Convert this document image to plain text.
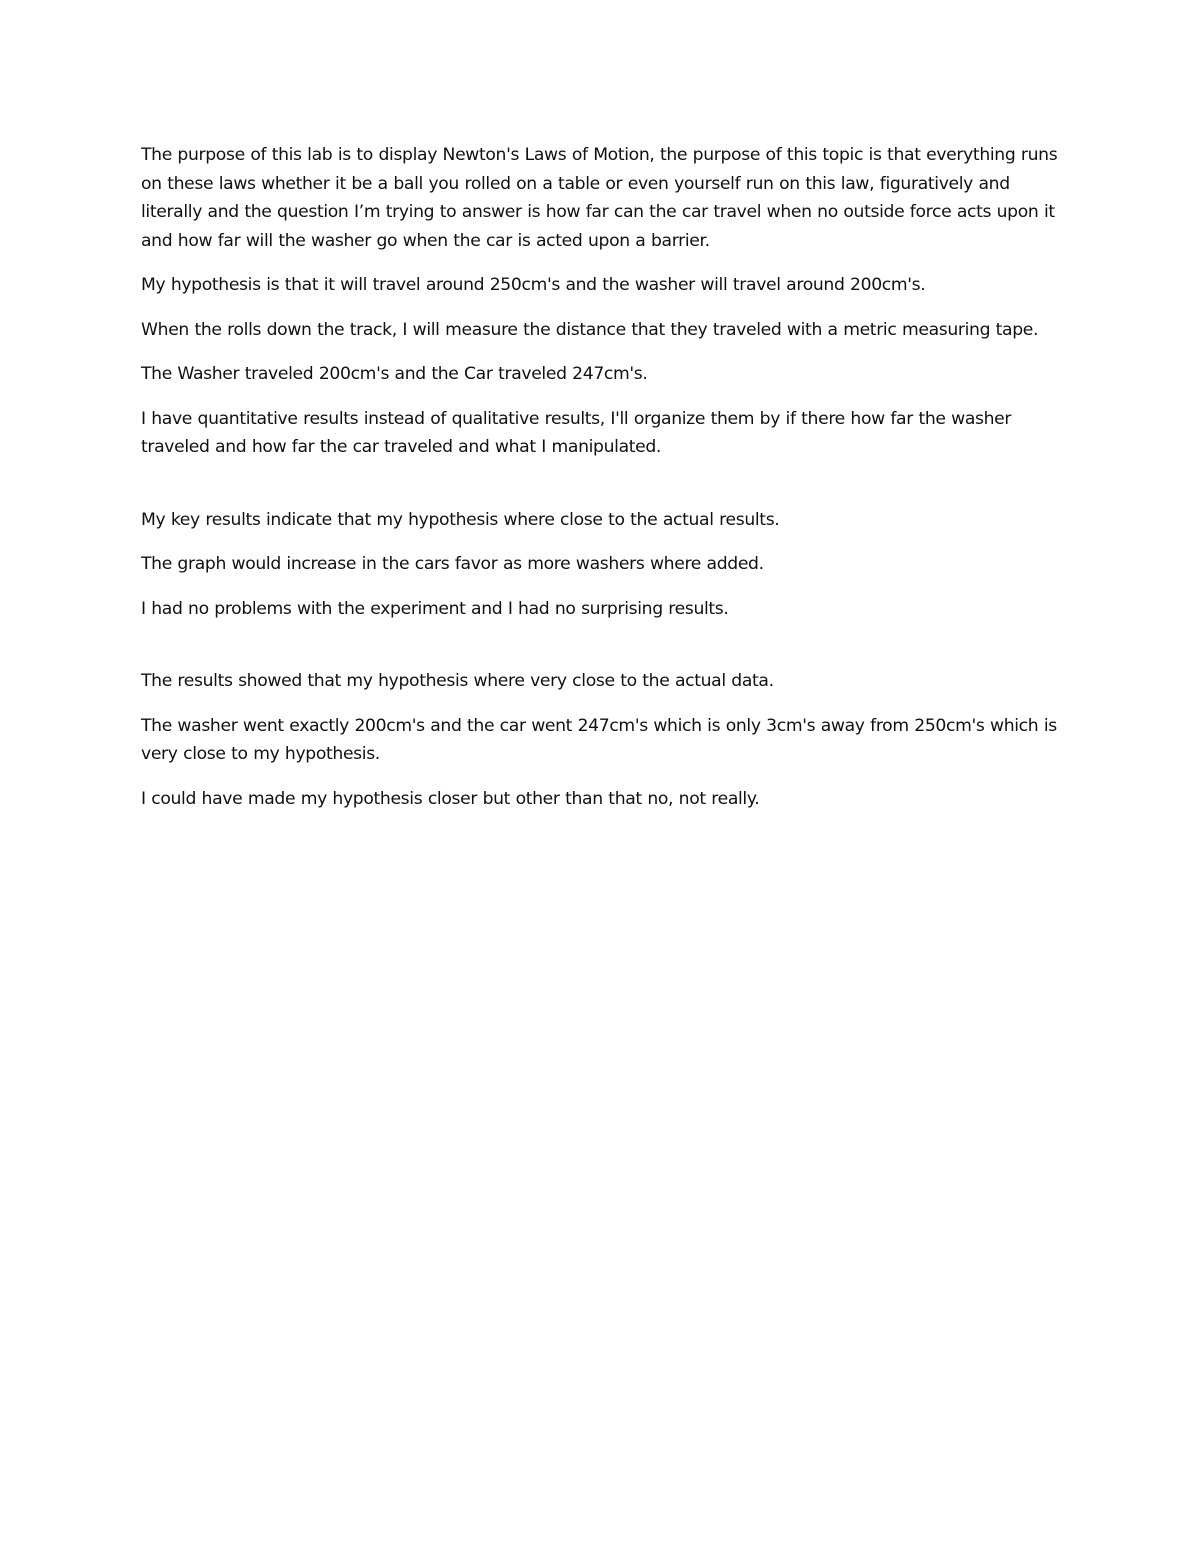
The purpose of this lab is to display Newton's Laws of Motion, the purpose of this topic is that everything runs on these laws whether it be a ball you rolled on a table or even yourself run on this law, figuratively and literally and the question I’m trying to answer is how far can the car travel when no outside force acts upon it and how far will the washer go when the car is acted upon a barrier.

My hypothesis is that it will travel around 250cm's and the washer will travel around 200cm's.

When the rolls down the track, I will measure the distance that they traveled with a metric measuring tape.

The Washer traveled 200cm's and the Car traveled 247cm's.

I have quantitative results instead of qualitative results, I'll organize them by if there how far the washer traveled and how far the car traveled and what I manipulated.

My key results indicate that my hypothesis where close to the actual results.

The graph would increase in the cars favor as more washers where added.

I had no problems with the experiment and I had no surprising results.

The results showed that my hypothesis where very close to the actual data.

The washer went exactly 200cm's and the car went 247cm's which is only 3cm's away from 250cm's which is very close to my hypothesis.

I could have made my hypothesis closer but other than that no, not really.
